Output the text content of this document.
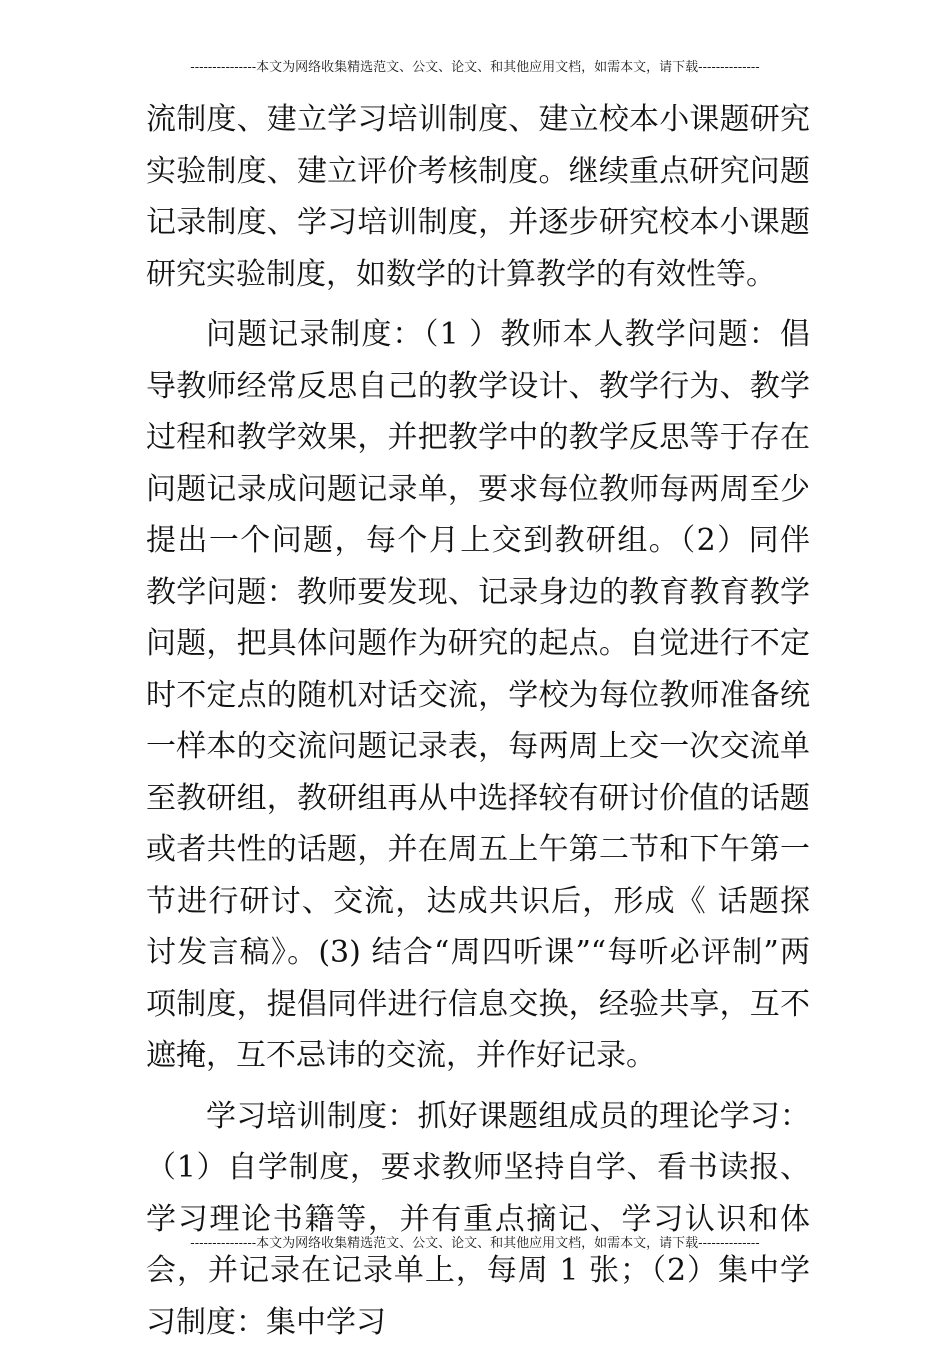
---------------本文为网络收集精选范文、公文、论文、和其他应用文档，如需本文，请下载--------------

流制度、建立学习培训制度、建立校本小课题研究实验制度、建立评价考核制度。继续重点研究问题记录制度、学习培训制度，并逐步研究校本小课题研究实验制度，如数学的计算教学的有效性等。

问题记录制度：（1 ）教师本人教学问题：倡导教师经常反思自己的教学设计、教学行为、教学过程和教学效果，并把教学中的教学反思等于存在问题记录成问题记录单，要求每位教师每两周至少提出一个问题，每个月上交到教研组。（2）同伴教学问题：教师要发现、记录身边的教育教育教学问题，把具体问题作为研究的起点。自觉进行不定时不定点的随机对话交流，学校为每位教师准备统一样本的交流问题记录表，每两周上交一次交流单至教研组，教研组再从中选择较有研讨价值的话题或者共性的话题，并在周五上午第二节和下午第一节进行研讨、交流，达成共识后，形成《 话题探讨发言稿》。(3) 结合“周四听课”“每听必评制”两项制度，提倡同伴进行信息交换，经验共享，互不遮掩，互不忌讳的交流，并作好记录。

学习培训制度：抓好课题组成员的理论学习：（1）自学制度，要求教师坚持自学、看书读报、学习理论书籍等，并有重点摘记、学习认识和体会，并记录在记录单上，每周 1 张；（2）集中学习制度：集中学习

---------------本文为网络收集精选范文、公文、论文、和其他应用文档，如需本文，请下载--------------
